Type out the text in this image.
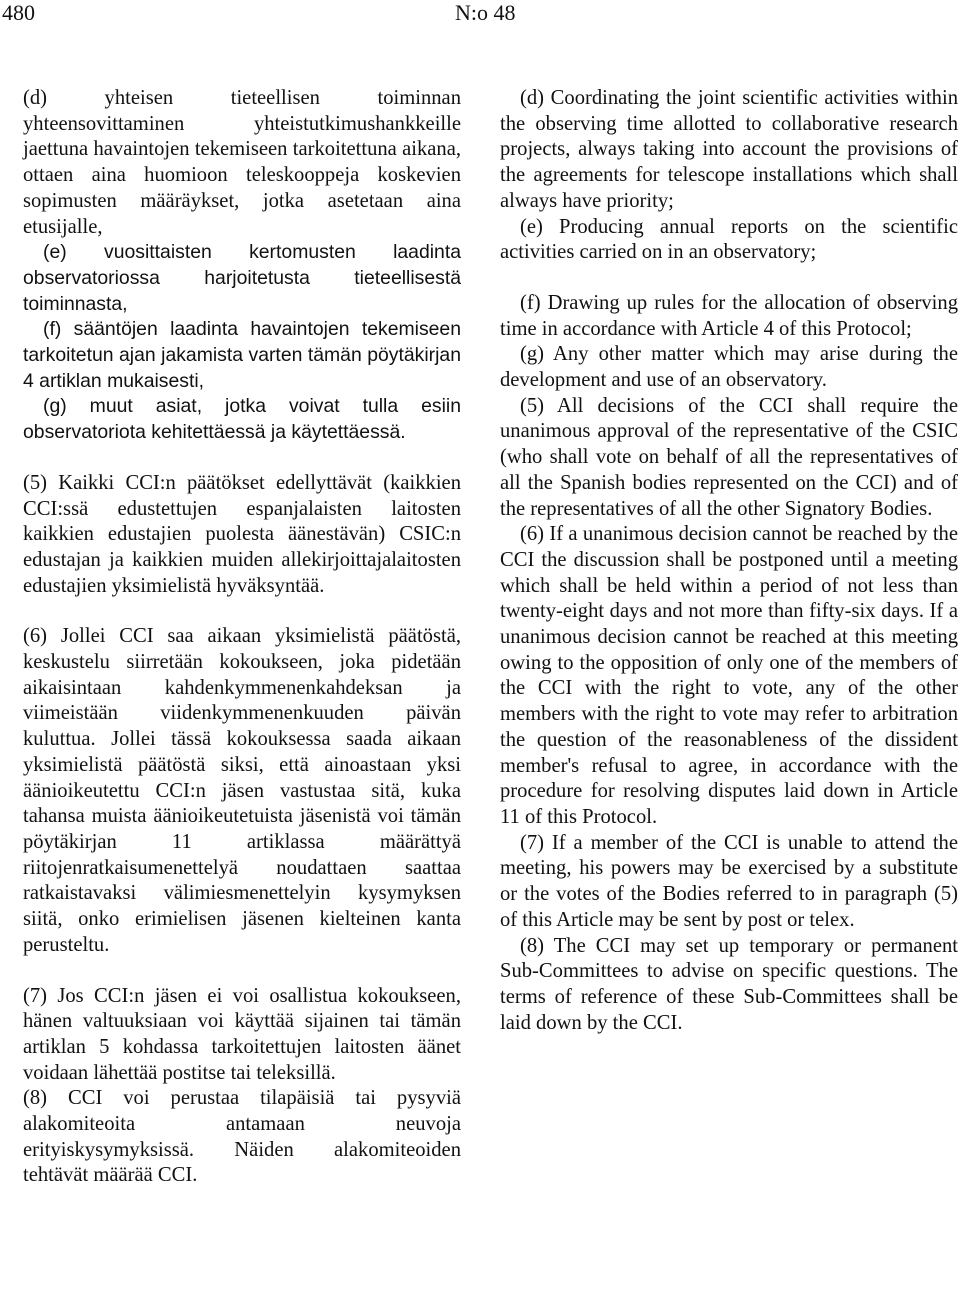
480	N:o 48

(d) yhteisen tieteellisen toiminnan yhteensovittaminen yhteistutkimushankkeille jaettuna havaintojen tekemiseen tarkoitettuna aikana, ottaen aina huomioon teleskooppeja koskevien sopimusten määräykset, jotka asetetaan aina etusijalle,

(e) vuosittaisten kertomusten laadinta observatoriossa harjoitetusta tieteellisestä toiminnasta,

(f) sääntöjen laadinta havaintojen tekemiseen tarkoitetun ajan jakamista varten tämän pöytäkirjan 4 artiklan mukaisesti,

(g) muut asiat, jotka voivat tulla esiin observatoriota kehitettäessä ja käytettäessä.

(5) Kaikki CCI:n päätökset edellyttävät (kaikkien CCI:ssä edustettujen espanjalaisten laitosten kaikkien edustajien puolesta äänestävän) CSIC:n edustajan ja kaikkien muiden allekirjoittajalaitosten edustajien yksimielistä hyväksyntää.

(6) Jollei CCI saa aikaan yksimielistä päätöstä, keskustelu siirretään kokoukseen, joka pidetään aikaisintaan kahdenkymmenenkahdeksan ja viimeistään viidenkymmenenkuuden päivän kuluttua. Jollei tässä kokouksessa saada aikaan yksimielistä päätöstä siksi, että ainoastaan yksi äänioikeutettu CCI:n jäsen vastustaa sitä, kuka tahansa muista äänioikeutetuista jäsenistä voi tämän pöytäkirjan 11 artiklassa määrättyä riitojenratkaisumenettelyä noudattaen saattaa ratkaistavaksi välimiesmenettelyin kysymyksen siitä, onko erimielisen jäsenen kielteinen kanta perusteltu.

(7) Jos CCI:n jäsen ei voi osallistua kokoukseen, hänen valtuuksiaan voi käyttää sijainen tai tämän artiklan 5 kohdassa tarkoitettujen laitosten äänet voidaan lähettää postitse tai teleksillä.

(8) CCI voi perustaa tilapäisiä tai pysyviä alakomiteoita antamaan neuvoja erityiskysymyksissä. Näiden alakomiteoiden tehtävät määrää CCI.

(d) Coordinating the joint scientific activities within the observing time allotted to collaborative research projects, always taking into account the provisions of the agreements for telescope installations which shall always have priority;

(e) Producing annual reports on the scientific activities carried on in an observatory;

(f) Drawing up rules for the allocation of observing time in accordance with Article 4 of this Protocol;

(g) Any other matter which may arise during the development and use of an observatory.

(5) All decisions of the CCI shall require the unanimous approval of the representative of the CSIC (who shall vote on behalf of all the representatives of all the Spanish bodies represented on the CCI) and of the representatives of all the other Signatory Bodies.

(6) If a unanimous decision cannot be reached by the CCI the discussion shall be postponed until a meeting which shall be held within a period of not less than twenty-eight days and not more than fifty-six days. If a unanimous decision cannot be reached at this meeting owing to the opposition of only one of the members of the CCI with the right to vote, any of the other members with the right to vote may refer to arbitration the question of the reasonableness of the dissident member's refusal to agree, in accordance with the procedure for resolving disputes laid down in Article 11 of this Protocol.

(7) If a member of the CCI is unable to attend the meeting, his powers may be exercised by a substitute or the votes of the Bodies referred to in paragraph (5) of this Article may be sent by post or telex.

(8) The CCI may set up temporary or permanent Sub-Committees to advise on specific questions. The terms of reference of these Sub-Committees shall be laid down by the CCI.
